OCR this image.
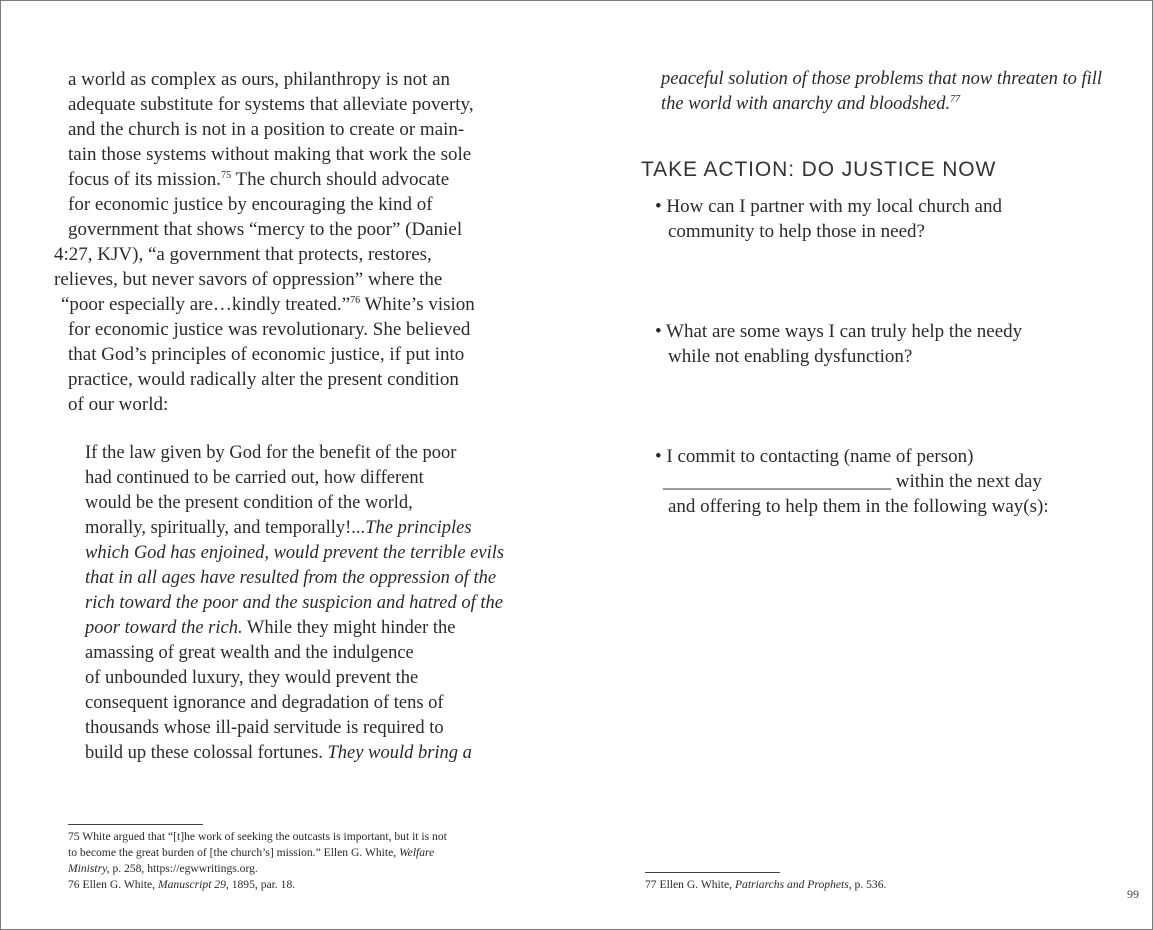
a world as complex as ours, philanthropy is not an
adequate substitute for systems that alleviate poverty,
and the church is not in a position to create or main-
tain those systems without making that work the sole
focus of its mission.$^{75}$ The church should advocate
for economic justice by encouraging the kind of
government that shows “mercy to the poor” (Daniel
4:27, KJV), “a government that protects, restores,
relieves, but never savors of oppression” where the
“poor especially are…kindly treated.”$^{76}$ White’s vision
for economic justice was revolutionary. She believed
that God’s principles of economic justice, if put into
practice, would radically alter the present condition
of our world:
If the law given by God for the benefit of the poor
had continued to be carried out, how different
would be the present condition of the world,
morally, spiritually, and temporally!...The principles
which God has enjoined, would prevent the terrible evils
that in all ages have resulted from the oppression of the
rich toward the poor and the suspicion and hatred of the
poor toward the rich. While they might hinder the
amassing of great wealth and the indulgence
of unbounded luxury, they would prevent the
consequent ignorance and degradation of tens of
thousands whose ill-paid servitude is required to
build up these colossal fortunes. They would bring a
75 White argued that “[t]he work of seeking the outcasts is important, but it is not
to become the great burden of [the church’s] mission.” Ellen G. White, Welfare
Ministry, p. 258, https://egwwritings.org.
76 Ellen G. White, Manuscript 29, 1895, par. 18.
peaceful solution of those problems that now threaten to fill
the world with anarchy and bloodshed.$^{77}$
TAKE ACTION: DO JUSTICE NOW
• How can I partner with my local church and
community to help those in need?
• What are some ways I can truly help the needy
while not enabling dysfunction?
• I commit to contacting (name of person)
________________________ within the next day
and offering to help them in the following way(s):
77 Ellen G. White, Patriarchs and Prophets, p. 536.
99
